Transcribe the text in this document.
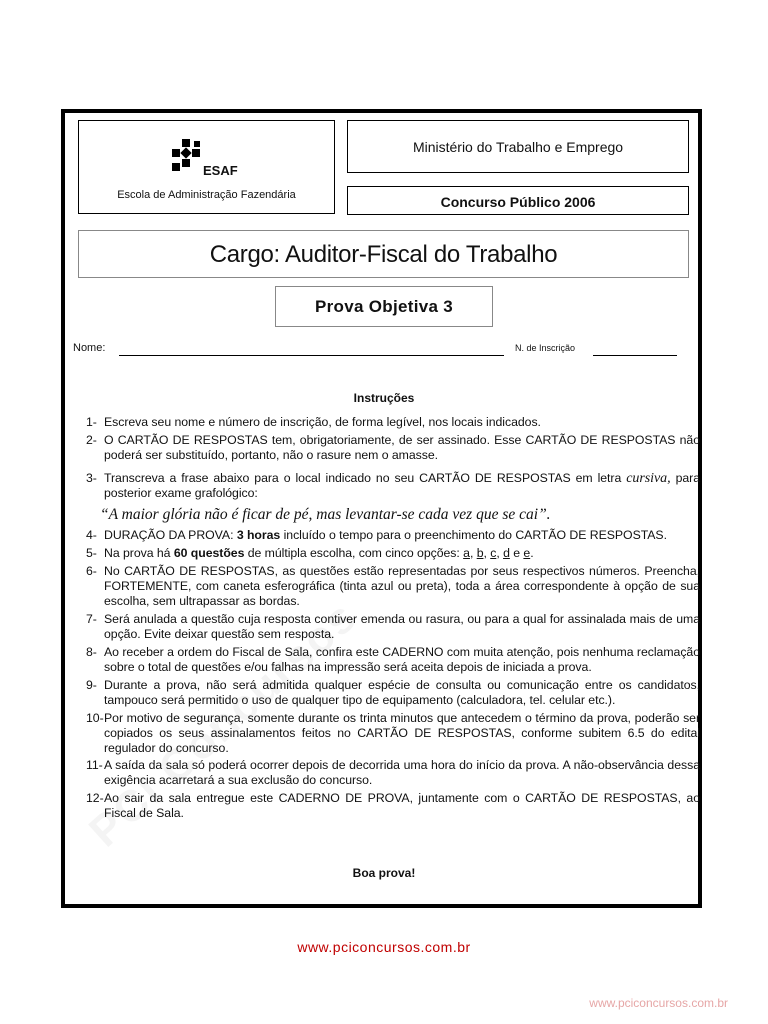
ESAF
Escola de Administração Fazendária
Ministério do Trabalho e Emprego
Concurso Público 2006
Cargo: Auditor-Fiscal do Trabalho
Prova Objetiva 3
Nome:	N. de Inscrição
Instruções
1- Escreva seu nome e número de inscrição, de forma legível, nos locais indicados.
2- O CARTÃO DE RESPOSTAS tem, obrigatoriamente, de ser assinado. Esse CARTÃO DE RESPOSTAS não poderá ser substituído, portanto, não o rasure nem o amasse.
3- Transcreva a frase abaixo para o local indicado no seu CARTÃO DE RESPOSTAS em letra cursiva, para posterior exame grafológico:
“A maior glória não é ficar de pé, mas levantar-se cada vez que se cai”.
4- DURAÇÃO DA PROVA: 3 horas incluído o tempo para o preenchimento do CARTÃO DE RESPOSTAS.
5- Na prova há 60 questões de múltipla escolha, com cinco opções: a, b, c, d e e.
6- No CARTÃO DE RESPOSTAS, as questões estão representadas por seus respectivos números. Preencha, FORTEMENTE, com caneta esferográfica (tinta azul ou preta), toda a área correspondente à opção de sua escolha, sem ultrapassar as bordas.
7- Será anulada a questão cuja resposta contiver emenda ou rasura, ou para a qual for assinalada mais de uma opção. Evite deixar questão sem resposta.
8- Ao receber a ordem do Fiscal de Sala, confira este CADERNO com muita atenção, pois nenhuma reclamação sobre o total de questões e/ou falhas na impressão será aceita depois de iniciada a prova.
9- Durante a prova, não será admitida qualquer espécie de consulta ou comunicação entre os candidatos, tampouco será permitido o uso de qualquer tipo de equipamento (calculadora, tel. celular etc.).
10- Por motivo de segurança, somente durante os trinta minutos que antecedem o término da prova, poderão ser copiados os seus assinalamentos feitos no CARTÃO DE RESPOSTAS, conforme subitem 6.5 do edital regulador do concurso.
11- A saída da sala só poderá ocorrer depois de decorrida uma hora do início da prova. A não-observância dessa exigência acarretará a sua exclusão do concurso.
12- Ao sair da sala entregue este CADERNO DE PROVA, juntamente com o CARTÃO DE RESPOSTAS, ao Fiscal de Sala.
Boa prova!
www.pciconcursos.com.br
www.pciconcursos.com.br
